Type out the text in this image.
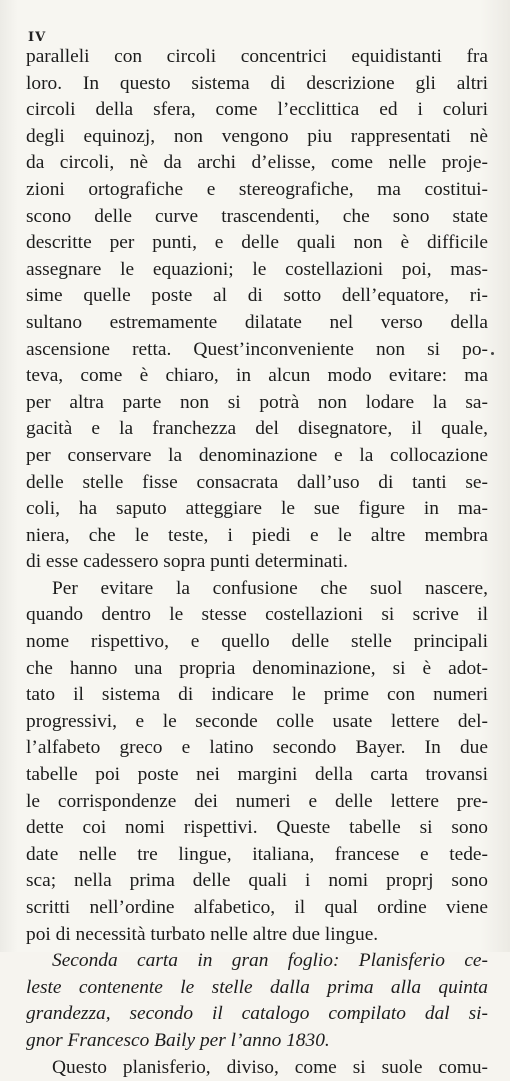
IV
paralleli con circoli concentrici equidistanti fra
loro. In questo sistema di descrizione gli altri
circoli della sfera, come l’ecclittica ed i coluri
degli equinozj, non vengono piu rappresentati nè
da circoli, nè da archi d’elisse, come nelle proje-
zioni ortografiche e stereografiche, ma costitui-
scono delle curve trascendenti, che sono state
descritte per punti, e delle quali non è difficile
assegnare le equazioni; le costellazioni poi, mas-
sime quelle poste al di sotto dell’equatore, ri-
sultano estremamente dilatate nel verso della
ascensione retta. Quest’inconveniente non si po-
teva, come è chiaro, in alcun modo evitare: ma
per altra parte non si potrà non lodare la sa-
gacità e la franchezza del disegnatore, il quale,
per conservare la denominazione e la collocazione
delle stelle fisse consacrata dall’uso di tanti se-
coli, ha saputo atteggiare le sue figure in ma-
niera, che le teste, i piedi e le altre membra
di esse cadessero sopra punti determinati.
Per evitare la confusione che suol nascere,
quando dentro le stesse costellazioni si scrive il
nome rispettivo, e quello delle stelle principali
che hanno una propria denominazione, si è adot-
tato il sistema di indicare le prime con numeri
progressivi, e le seconde colle usate lettere del-
l’alfabeto greco e latino secondo Bayer. In due
tabelle poi poste nei margini della carta trovansi
le corrispondenze dei numeri e delle lettere pre-
dette coi nomi rispettivi. Queste tabelle si sono
date nelle tre lingue, italiana, francese e tede-
sca; nella prima delle quali i nomi proprj sono
scritti nell’ordine alfabetico, il qual ordine viene
poi di necessità turbato nelle altre due lingue.
Seconda carta in gran foglio: Planisferio ce-
leste contenente le stelle dalla prima alla quinta
grandezza, secondo il catalogo compilato dal si-
gnor Francesco Baily per l’anno 1830.
Questo planisferio, diviso, come si suole comu-
